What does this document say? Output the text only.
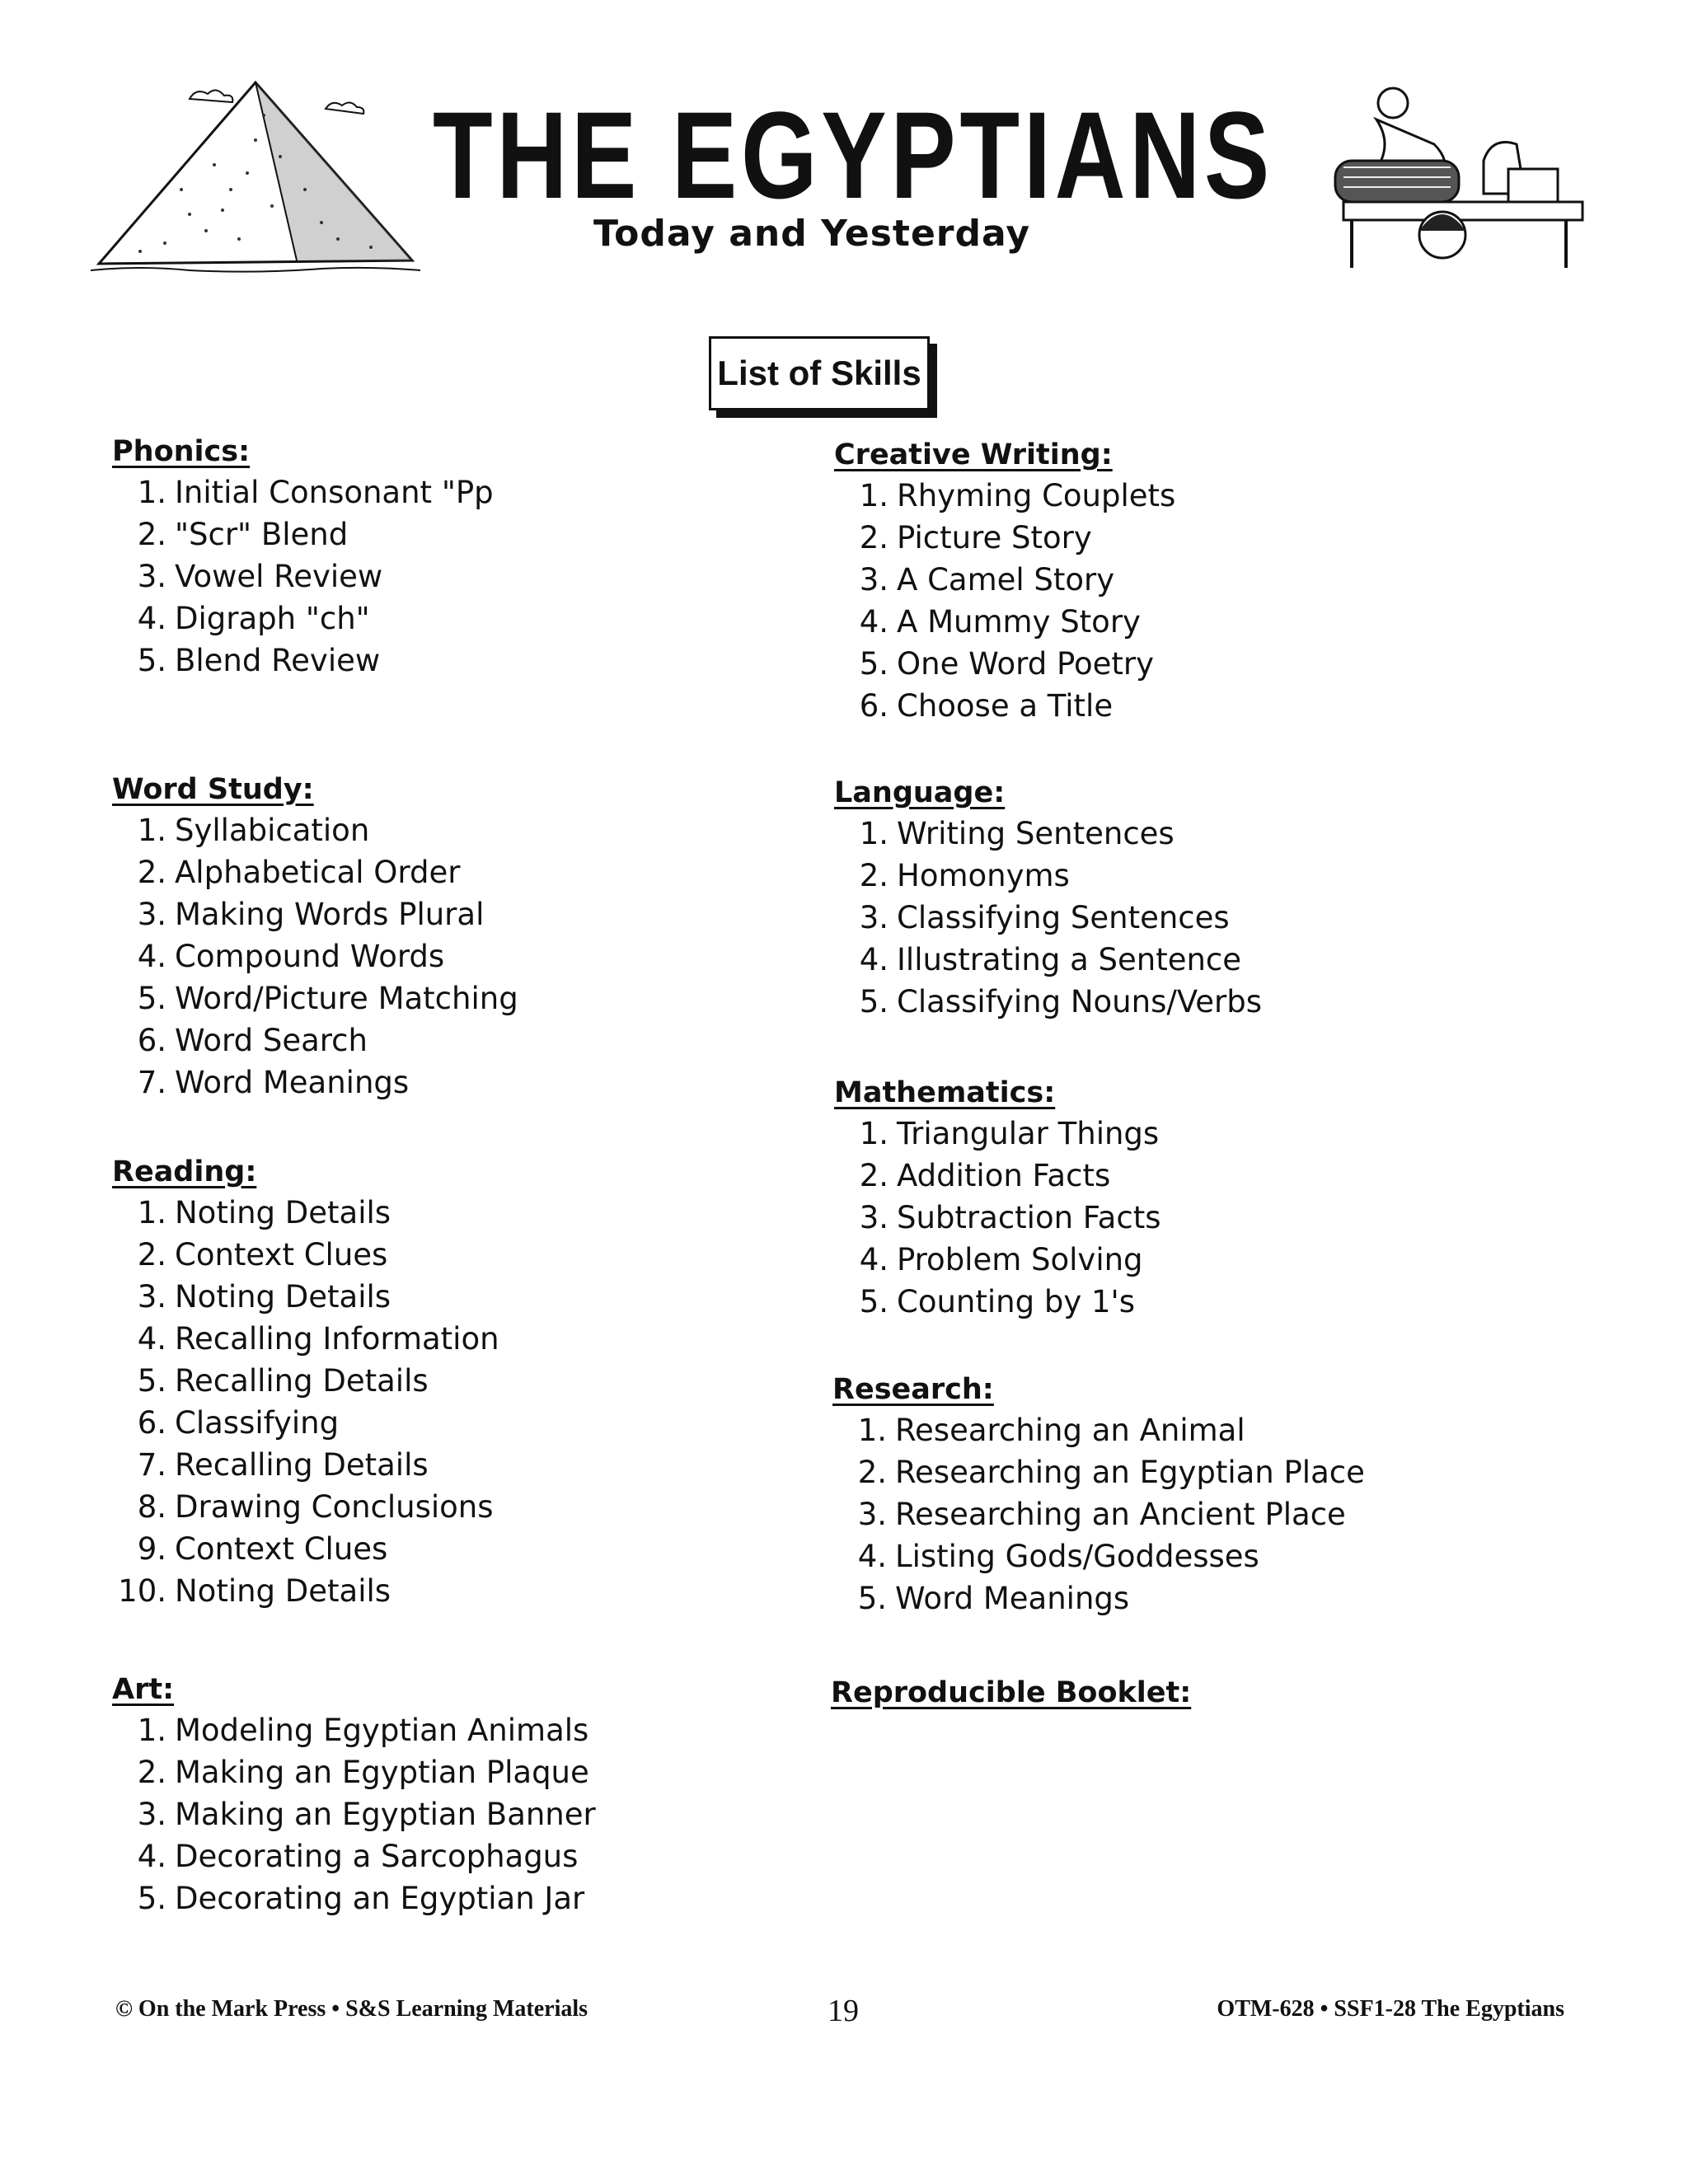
THE EGYPTIANS
Today and Yesterday
List of Skills
Phonics:
1. Initial Consonant "Pp
2. "Scr" Blend
3. Vowel Review
4. Digraph "ch"
5. Blend Review
Word Study:
1. Syllabication
2. Alphabetical Order
3. Making Words Plural
4. Compound Words
5. Word/Picture Matching
6. Word Search
7. Word Meanings
Reading:
1. Noting Details
2. Context Clues
3. Noting Details
4. Recalling Information
5. Recalling Details
6. Classifying
7. Recalling Details
8. Drawing Conclusions
9. Context Clues
10. Noting Details
Art:
1. Modeling Egyptian Animals
2. Making an Egyptian Plaque
3. Making an Egyptian Banner
4. Decorating a Sarcophagus
5. Decorating an Egyptian Jar
Creative Writing:
1. Rhyming Couplets
2. Picture Story
3. A Camel Story
4. A Mummy Story
5. One Word Poetry
6. Choose a Title
Language:
1. Writing Sentences
2. Homonyms
3. Classifying Sentences
4. Illustrating a Sentence
5. Classifying Nouns/Verbs
Mathematics:
1. Triangular Things
2. Addition Facts
3. Subtraction Facts
4. Problem Solving
5. Counting by 1's
Research:
1. Researching an Animal
2. Researching an Egyptian Place
3. Researching an Ancient Place
4. Listing Gods/Goddesses
5. Word Meanings
Reproducible Booklet:
© On the Mark Press • S&S Learning Materials	19	OTM-628 • SSF1-28 The Egyptians
